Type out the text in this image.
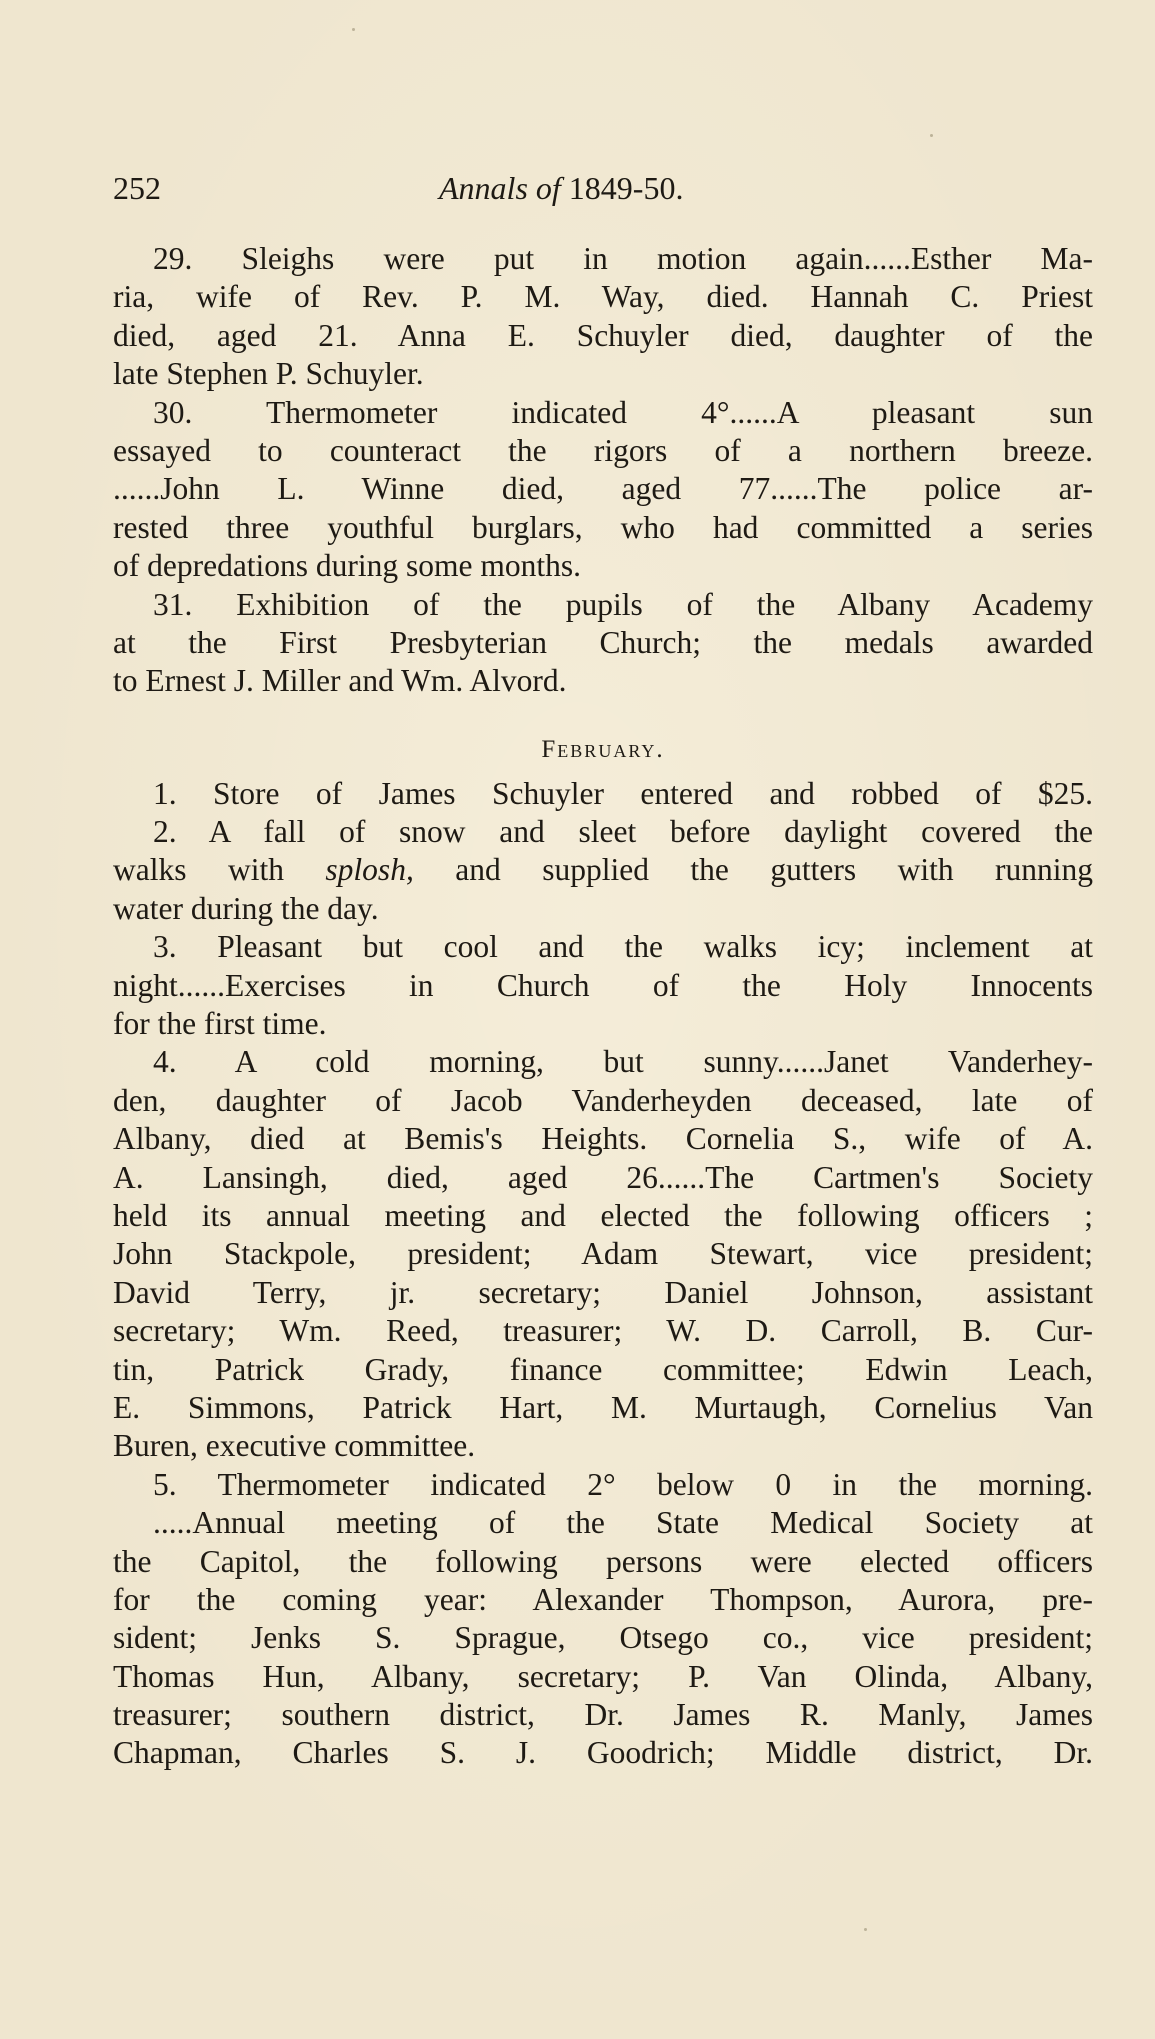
252	Annals of 1849-50.
29. Sleighs were put in motion again......Esther Ma-
ria, wife of Rev. P. M. Way, died. Hannah C. Priest
died, aged 21. Anna E. Schuyler died, daughter of the
late Stephen P. Schuyler.
30. Thermometer indicated 4°......A pleasant sun
essayed to counteract the rigors of a northern breeze.
......John L. Winne died, aged 77......The police ar-
rested three youthful burglars, who had committed a series
of depredations during some months.
31. Exhibition of the pupils of the Albany Academy
at the First Presbyterian Church; the medals awarded
to Ernest J. Miller and Wm. Alvord.
February.
1. Store of James Schuyler entered and robbed of $25.
2. A fall of snow and sleet before daylight covered the
walks with splosh, and supplied the gutters with running
water during the day.
3. Pleasant but cool and the walks icy; inclement at
night......Exercises in Church of the Holy Innocents
for the first time.
4. A cold morning, but sunny......Janet Vanderhey-
den, daughter of Jacob Vanderheyden deceased, late of
Albany, died at Bemis's Heights. Cornelia S., wife of A.
A. Lansingh, died, aged 26......The Cartmen's Society
held its annual meeting and elected the following officers ;
John Stackpole, president; Adam Stewart, vice president;
David Terry, jr. secretary; Daniel Johnson, assistant
secretary; Wm. Reed, treasurer; W. D. Carroll, B. Cur-
tin, Patrick Grady, finance committee; Edwin Leach,
E. Simmons, Patrick Hart, M. Murtaugh, Cornelius Van
Buren, executive committee.
5. Thermometer indicated 2° below 0 in the morning.
.....Annual meeting of the State Medical Society at
the Capitol, the following persons were elected officers
for the coming year: Alexander Thompson, Aurora, pre-
sident; Jenks S. Sprague, Otsego co., vice president;
Thomas Hun, Albany, secretary; P. Van Olinda, Albany,
treasurer; southern district, Dr. James R. Manly, James
Chapman, Charles S. J. Goodrich; Middle district, Dr.
